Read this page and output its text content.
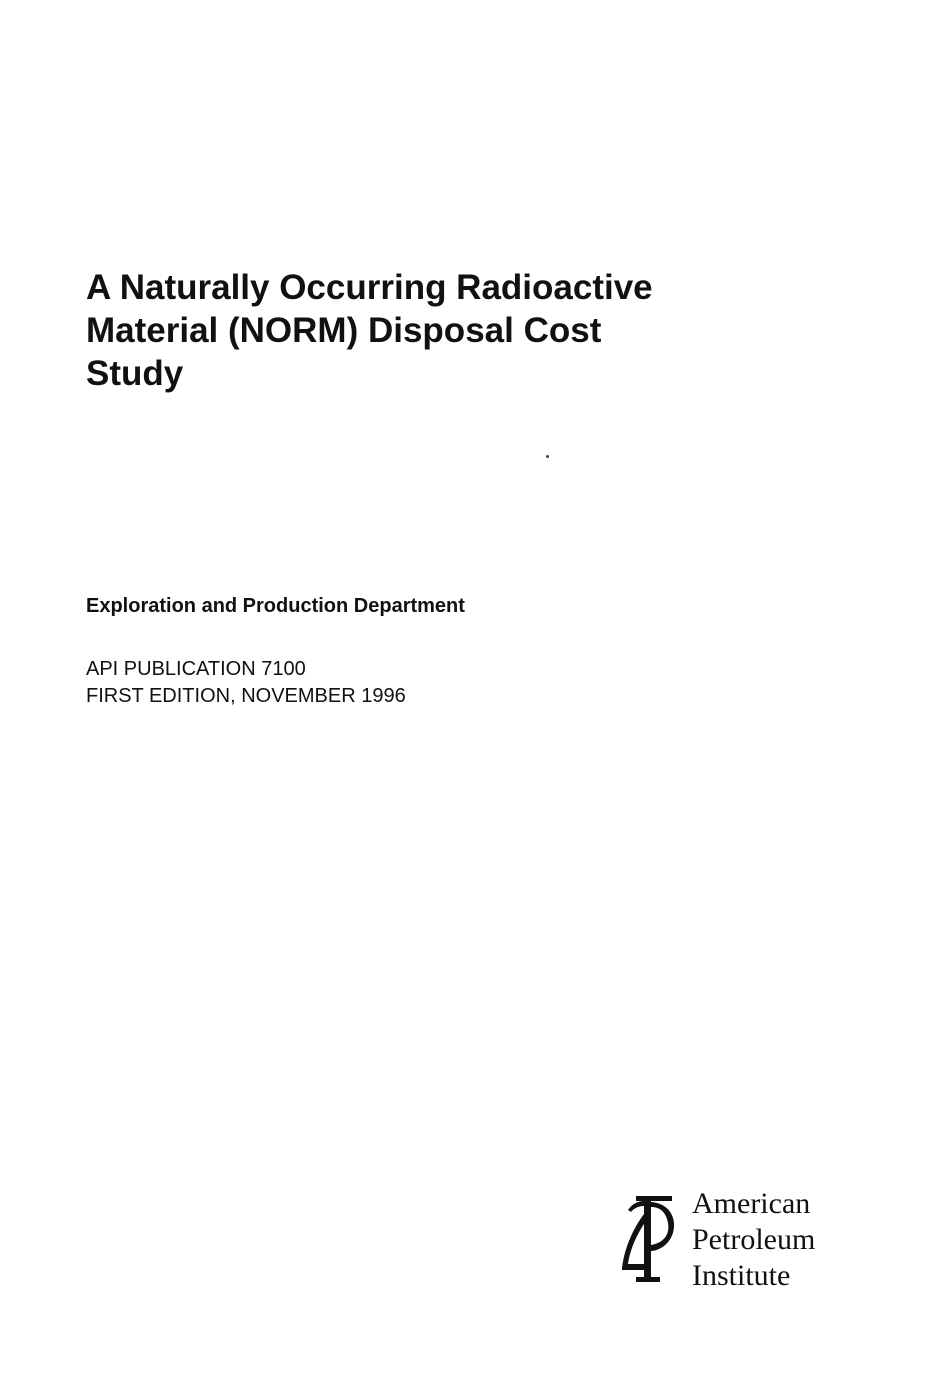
A Naturally Occurring Radioactive
Material (NORM) Disposal Cost
Study
Exploration and Production Department
API PUBLICATION 7100
FIRST EDITION, NOVEMBER 1996
American
Petroleum
Institute
